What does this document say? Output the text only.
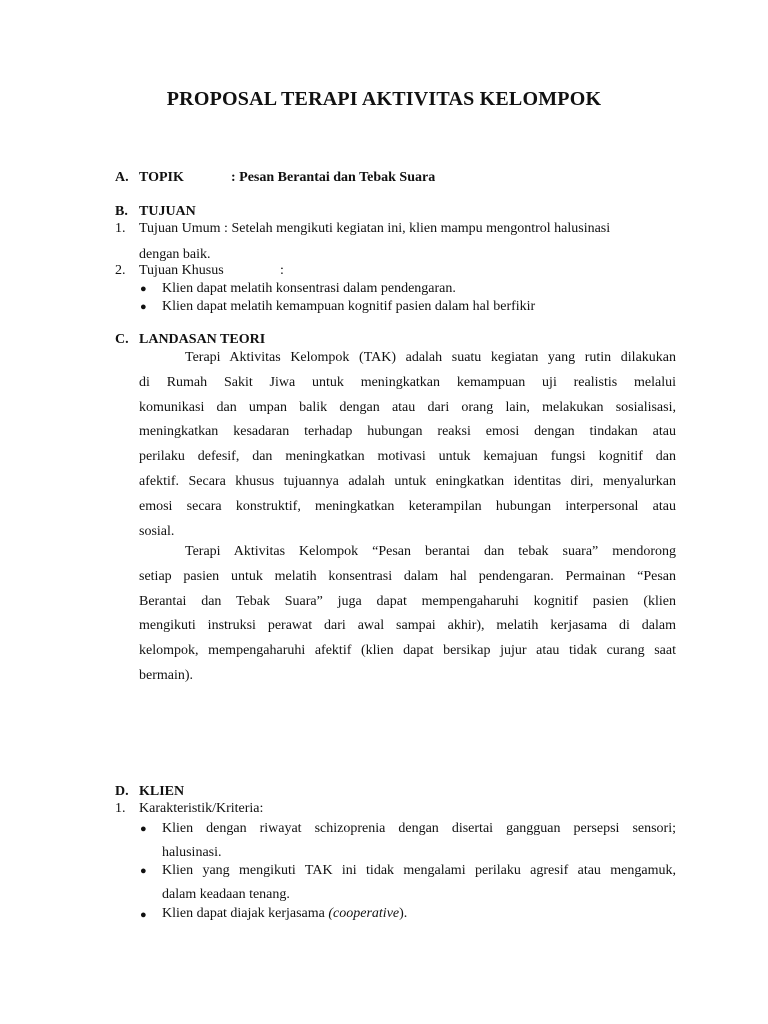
PROPOSAL TERAPI AKTIVITAS KELOMPOK
A. TOPIK	: Pesan Berantai dan Tebak Suara
B. TUJUAN
1. Tujuan Umum : Setelah mengikuti kegiatan ini, klien mampu mengontrol halusinasi
dengan baik.
2. Tujuan Khusus	:
● Klien dapat melatih konsentrasi dalam pendengaran.
● Klien dapat melatih kemampuan kognitif pasien dalam hal berfikir
C. LANDASAN TEORI
Terapi Aktivitas Kelompok (TAK) adalah suatu kegiatan yang rutin dilakukan
di Rumah Sakit Jiwa untuk meningkatkan kemampuan uji realistis melalui
komunikasi dan umpan balik dengan atau dari orang lain, melakukan sosialisasi,
meningkatkan kesadaran terhadap hubungan reaksi emosi dengan tindakan atau
perilaku defesif, dan meningkatkan motivasi untuk kemajuan fungsi kognitif dan
afektif. Secara khusus tujuannya adalah untuk eningkatkan identitas diri, menyalurkan
emosi secara konstruktif, meningkatkan keterampilan hubungan interpersonal atau
sosial.
Terapi Aktivitas Kelompok “Pesan berantai dan tebak suara” mendorong
setiap pasien untuk melatih konsentrasi dalam hal pendengaran. Permainan “Pesan
Berantai dan Tebak Suara” juga dapat mempengaharuhi kognitif pasien (klien
mengikuti instruksi perawat dari awal sampai akhir), melatih kerjasama di dalam
kelompok, mempengaharuhi afektif (klien dapat bersikap jujur atau tidak curang saat
bermain).
D. KLIEN
1. Karakteristik/Kriteria:
● Klien dengan riwayat schizoprenia dengan disertai gangguan persepsi sensori;
halusinasi.
● Klien yang mengikuti TAK ini tidak mengalami perilaku agresif atau mengamuk,
dalam keadaan tenang.
● Klien dapat diajak kerjasama (cooperative).
